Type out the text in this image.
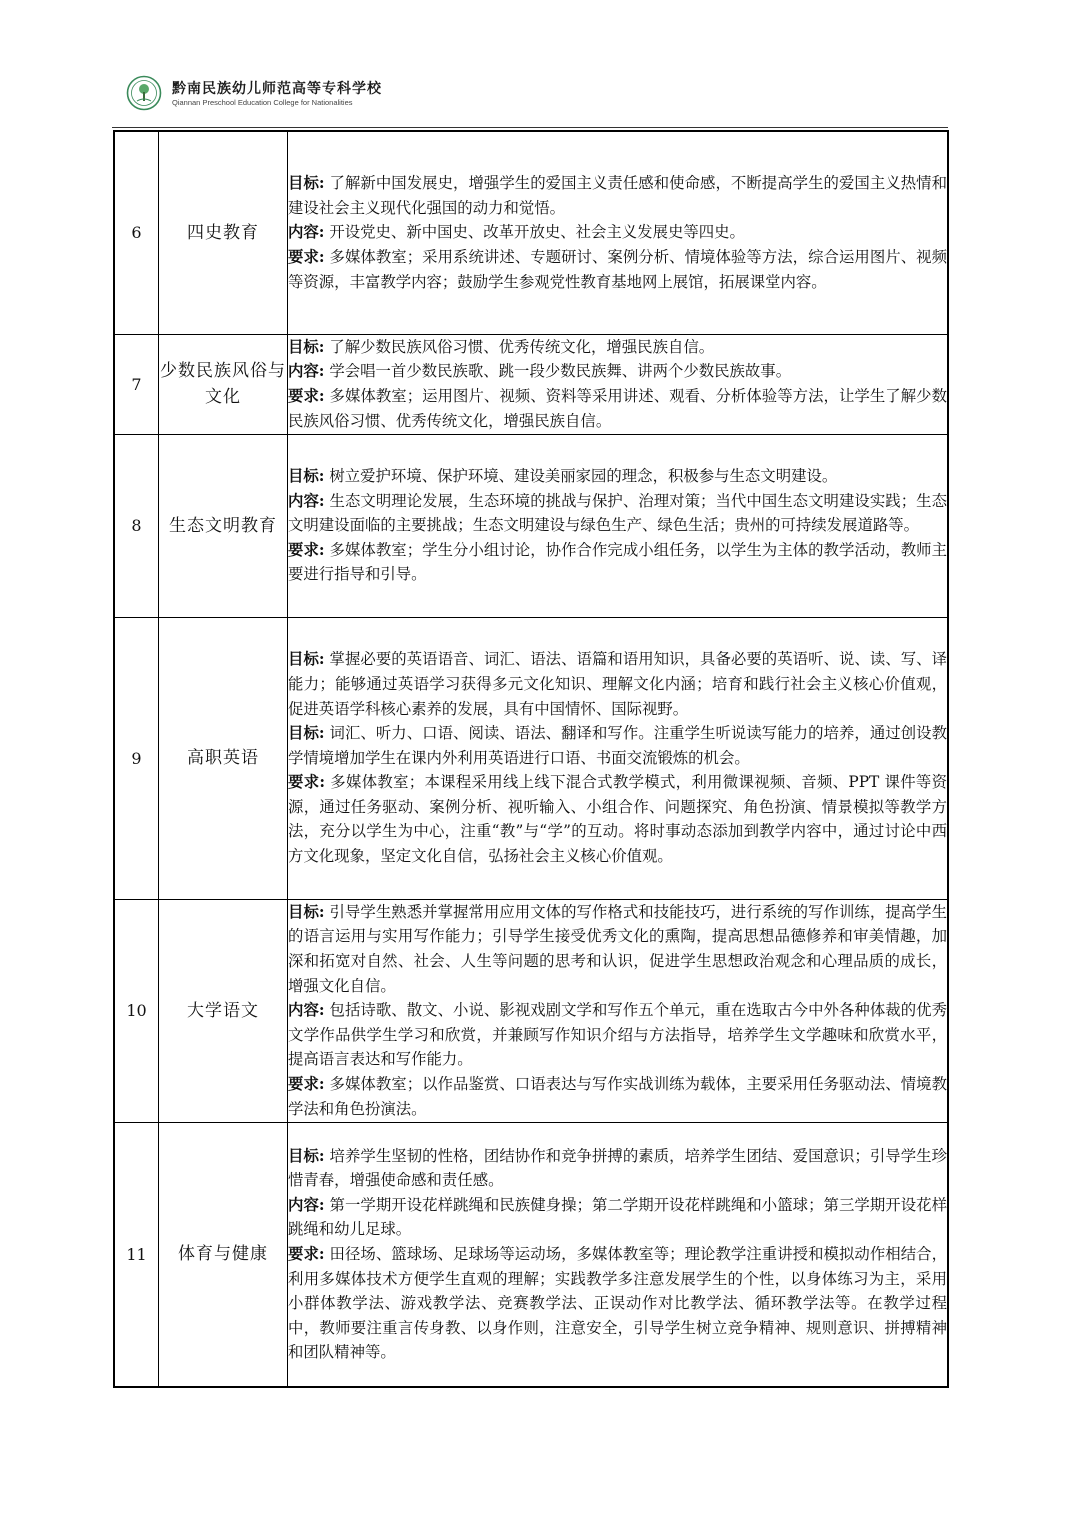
黔南民族幼儿师范高等专科学校
Qiannan Preschool Education College for Nationalities
6	四史教育	目标: 了解新中国发展史，增强学生的爱国主义责任感和使命感，不断提高学生的爱国主义热情和建设社会主义现代化强国的动力和觉悟。
内容: 开设党史、新中国史、改革开放史、社会主义发展史等四史。
要求: 多媒体教室；采用系统讲述、专题研讨、案例分析、情境体验等方法，综合运用图片、视频等资源，丰富教学内容；鼓励学生参观党性教育基地网上展馆，拓展课堂内容。

7	少数民族风俗与文化	目标: 了解少数民族风俗习惯、优秀传统文化，增强民族自信。
内容: 学会唱一首少数民族歌、跳一段少数民族舞、讲两个少数民族故事。
要求: 多媒体教室；运用图片、视频、资料等采用讲述、观看、分析体验等方法，让学生了解少数民族风俗习惯、优秀传统文化，增强民族自信。

8	生态文明教育	目标: 树立爱护环境、保护环境、建设美丽家园的理念，积极参与生态文明建设。
内容: 生态文明理论发展，生态环境的挑战与保护、治理对策；当代中国生态文明建设实践；生态文明建设面临的主要挑战；生态文明建设与绿色生产、绿色生活；贵州的可持续发展道路等。
要求: 多媒体教室；学生分小组讨论，协作合作完成小组任务，以学生为主体的教学活动，教师主要进行指导和引导。

9	高职英语	目标: 掌握必要的英语语音、词汇、语法、语篇和语用知识，具备必要的英语听、说、读、写、译能力；能够通过英语学习获得多元文化知识、理解文化内涵；培育和践行社会主义核心价值观，促进英语学科核心素养的发展，具有中国情怀、国际视野。
目标: 词汇、听力、口语、阅读、语法、翻译和写作。注重学生听说读写能力的培养，通过创设教学情境增加学生在课内外利用英语进行口语、书面交流锻炼的机会。
要求: 多媒体教室；本课程采用线上线下混合式教学模式，利用微课视频、音频、PPT 课件等资源，通过任务驱动、案例分析、视听输入、小组合作、问题探究、角色扮演、情景模拟等教学方法，充分以学生为中心，注重“教”与“学”的互动。将时事动态添加到教学内容中，通过讨论中西方文化现象，坚定文化自信，弘扬社会主义核心价值观。

10	大学语文	目标: 引导学生熟悉并掌握常用应用文体的写作格式和技能技巧，进行系统的写作训练，提高学生的语言运用与实用写作能力；引导学生接受优秀文化的熏陶，提高思想品德修养和审美情趣，加深和拓宽对自然、社会、人生等问题的思考和认识，促进学生思想政治观念和心理品质的成长，增强文化自信。
内容: 包括诗歌、散文、小说、影视戏剧文学和写作五个单元，重在选取古今中外各种体裁的优秀文学作品供学生学习和欣赏，并兼顾写作知识介绍与方法指导，培养学生文学趣味和欣赏水平，提高语言表达和写作能力。
要求: 多媒体教室；以作品鉴赏、口语表达与写作实战训练为载体，主要采用任务驱动法、情境教学法和角色扮演法。

11	体育与健康	目标: 培养学生坚韧的性格，团结协作和竞争拼搏的素质，培养学生团结、爱国意识；引导学生珍惜青春，增强使命感和责任感。
内容: 第一学期开设花样跳绳和民族健身操；第二学期开设花样跳绳和小篮球；第三学期开设花样跳绳和幼儿足球。
要求: 田径场、篮球场、足球场等运动场，多媒体教室等；理论教学注重讲授和模拟动作相结合，利用多媒体技术方便学生直观的理解；实践教学多注意发展学生的个性，以身体练习为主，采用小群体教学法、游戏教学法、竞赛教学法、正误动作对比教学法、循环教学法等。在教学过程中，教师要注重言传身教、以身作则，注意安全，引导学生树立竞争精神、规则意识、拼搏精神和团队精神等。
